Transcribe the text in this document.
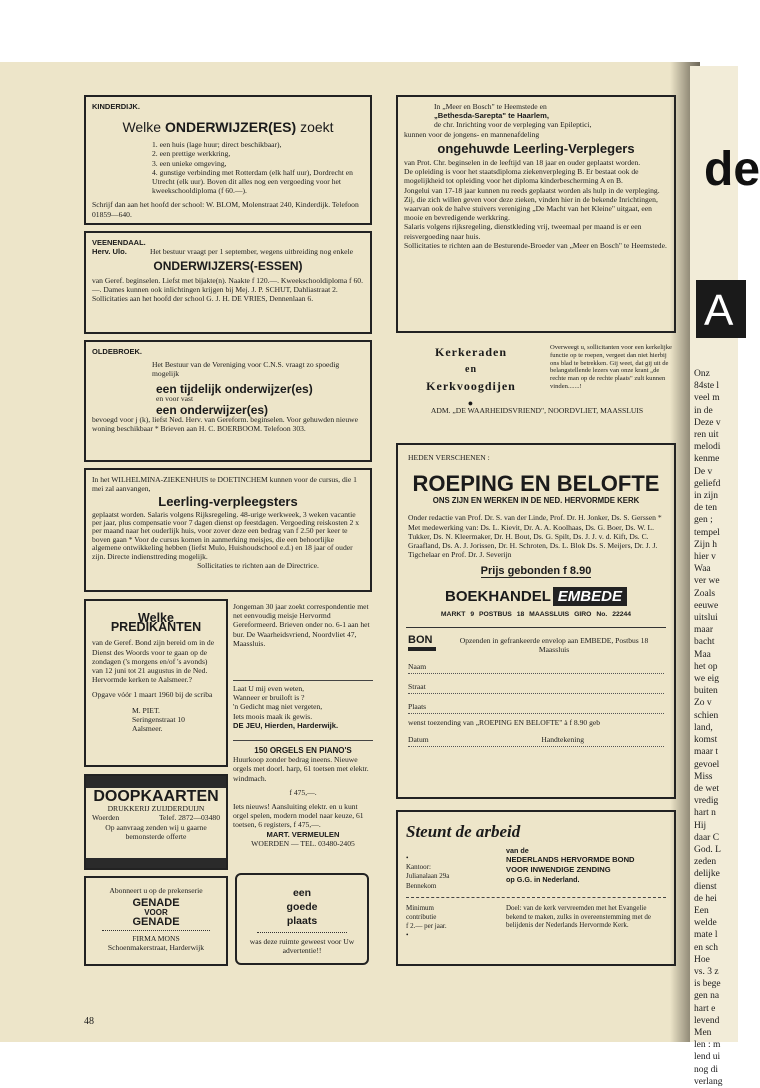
de
A
Onz
84ste l
veel m
in de
Deze v
ren uit
melodi
kenme
De v
geliefd
in zijn
de ten
gen ;
tempel
Zijn h
hier v
Waa
ver we
Zoals
eeuwe
uitslui
maar
bacht
Maa
het op
we eig
buiten
Zo v
schien
land,
komst
maar t
gevoel
Miss
de wet
vredig
hart n
Hij
daar C
God. L
zeden
delijke
dienst
de hei
Een
welde
mate l
en sch
Hoe
vs. 3 z
is bege
gen na
hart e
levend
Men
len : m
lend ui
nog di
verlang
KINDERDIJK.
Welke ONDERWIJZER(ES) zoekt
1. een huis (lage huur; direct beschikbaar),
2. een prettige werkkring,
3. een unieke omgeving,
4. gunstige verbinding met Rotterdam (elk half uur), Dordrecht en Utrecht (elk uur). Boven dit alles nog een vergoeding voor het kweekschooldiploma (f 60.—).
Schrijf dan aan het hoofd der school: W. BLOM, Molenstraat 240, Kinderdijk. Telefoon 01859—640.
VEENENDAAL.
Herv. Ulo.	Het bestuur vraagt per 1 september, wegens uitbreiding nog enkele
ONDERWIJZERS(-ESSEN)
van Geref. beginselen. Liefst met bijakte(n). Naakte f 120.—. Kweekschooldiploma f 60.—. Dames kunnen ook inlichtingen krijgen bij Mej. J. P. SCHUT, Dahliastraat 2. Sollicitaties aan het hoofd der school G. J. H. DE VRIES, Dennenlaan 6.
OLDEBROEK.
Het Bestuur van de Vereniging voor C.N.S. vraagt zo spoedig mogelijk
een tijdelijk onderwijzer(es)
en voor vast
een onderwijzer(es)
bevoegd voor j (k), liefst Ned. Herv. van Gereform. beginselen. Voor gehuwden nieuwe woning beschikbaar * Brieven aan H. C. BOERBOOM. Telefoon 303.
In het WILHELMINA-ZIEKENHUIS te DOETINCHEM kunnen voor de cursus, die 1 mei zal aanvangen,
Leerling-verpleegsters
geplaatst worden. Salaris volgens Rijksregeling. 48-urige werkweek, 3 weken vacantie per jaar, plus compensatie voor 7 dagen dienst op feestdagen. Vergoeding reiskosten 2 x per maand naar het ouderlijk huis, voor zover deze een bedrag van f 2.50 per keer te boven gaan * Voor de cursus komen in aanmerking meisjes, die een behoorlijke algemene ontwikkeling hebben (liefst Mulo, Huishoudschool e.d.) en 18 jaar of ouder zijn. Directe indiensttreding mogelijk.
Sollicitaties te richten aan de Directrice.
Welke PREDIKANTEN
van de Geref. Bond zijn bereid om in de Dienst des Woords voor te gaan op de zondagen ('s morgens en/of 's avonds) van 12 juni tot 21 augustus in de Ned. Hervormde kerken te Aalsmeer.?
Opgave vóór 1 maart 1960 bij de scriba
M. PIET.
Seringenstraat 10
Aalsmeer.
DOOPKAARTEN
DRUKKERIJ ZUIJDERDUIJN
Woerden	Telef. 2872—03480
Op aanvraag zenden wij u gaarne bemonsterde offerte
Abonneert u op de prekenserie
GENADE
VOOR
GENADE
FIRMA MONS
Schoenmakerstraat, Harderwijk
Jongeman 30 jaar zoekt correspondentie met net eenvoudig meisje Hervormd Gereformeerd. Brieven onder no. 6-1 aan het bur. De Waarheidsvriend, Noordvliet 47, Maassluis.
Laat U mij even weten,
Wanneer er bruiloft is ?
'n Gedicht mag niet vergeten,
Iets moois maak ik gewis.
DE JEU, Hierden, Harderwijk.
150 ORGELS EN PIANO'S
Huurkoop zonder bedrag ineens. Nieuwe orgels met doorl. harp, 61 toetsen met elektr. windmach.
f 475,—.
Iets nieuws! Aansluiting elektr. en u kunt orgel spelen, modern model naar keuze, 61 toetsen, 6 registers, f 475,—.
MART. VERMEULEN
WOERDEN — TEL. 03480-2405
een
goede
plaats
was deze ruimte geweest voor Uw advertentie!!
In „Meer en Bosch" te Heemstede en
„Bethesda-Sarepta" te Haarlem,
de chr. Inrichting voor de verpleging van Epileptici,
kunnen voor de jongens- en mannenafdeling
ongehuwde Leerling-Verplegers
van Prot. Chr. beginselen in de leeftijd van 18 jaar en ouder geplaatst worden.
De opleiding is voor het staatsdiploma ziekenverpleging B. Er bestaat ook de mogelijkheid tot opleiding voor het diploma kinderbescherming A en B.
Jongelui van 17-18 jaar kunnen nu reeds geplaatst worden als hulp in de verpleging.
Zij, die zich willen geven voor deze zieken, vinden hier in de bekende Inrichtingen, waarvan ook de halve stuivers vereniging „De Macht van het Kleine" uitgaat, een mooie en bevredigende werkkring.
Salaris volgens rijksregeling, dienstkleding vrij, tweemaal per maand is er een reisvergoeding naar huis.
Sollicitaties te richten aan de Besturende-Broeder van „Meer en Bosch" te Heemstede.
Kerkeraden
en
Kerkvoogdijen
●
Overweegt u, sollicitanten voor een kerkelijke functie op te roepen, vergeet dan niet hierbij ons blad te betrekken. Gij weet, dat gij uit de belangstellende lezers van onze krant „de rechte man op de rechte plaats" zult kunnen vinden.......!
ADM. „DE WAARHEIDSVRIEND", NOORDVLIET, MAASSLUIS
HEDEN VERSCHENEN :
ROEPING EN BELOFTE
ONS ZIJN EN WERKEN IN DE NED. HERVORMDE KERK
Onder redactie van Prof. Dr. S. van der Linde, Prof. Dr. H. Jonker, Ds. S. Gerssen * Met medewerking van: Ds. L. Kievit, Dr. A. A. Koolhaas, Ds. G. Boer, Ds. W. L. Tukker, Ds. N. Kleermaker, Dr. H. Bout, Ds. G. Spilt, Ds. J. J. v. d. Kift, Ds. C. Graafland, Ds. A. J. Jorissen, Dr. H. Schroten, Ds. L. Blok Ds. S. Meijers, Dr. J. J. Tigchelaar en Prof. Dr. J. Severijn
Prijs gebonden f 8.90
BOEKHANDEL EMBEDE
MARKT 9 POSTBUS 18 MAASSLUIS GIRO No. 22244
BON	Opzenden in gefrankeerde envelop aan EMBEDE, Postbus 18 Maassluis
Naam
Straat
Plaats
wenst toezending van „ROEPING EN BELOFTE" à f 8.90 geb
Datum	Handtekening
Steunt de arbeid
•
Kantoor:
Julianalaan 29a
Bennekom
van de
NEDERLANDS HERVORMDE BOND
VOOR INWENDIGE ZENDING
op G.G. in Nederland.
Minimum
contributie
f 2.— per jaar.
•
Doel: van de kerk vervreemden met het Evangelie bekend te maken, zulks in overeenstemming met de belijdenis der Nederlands Hervormde Kerk.
48
